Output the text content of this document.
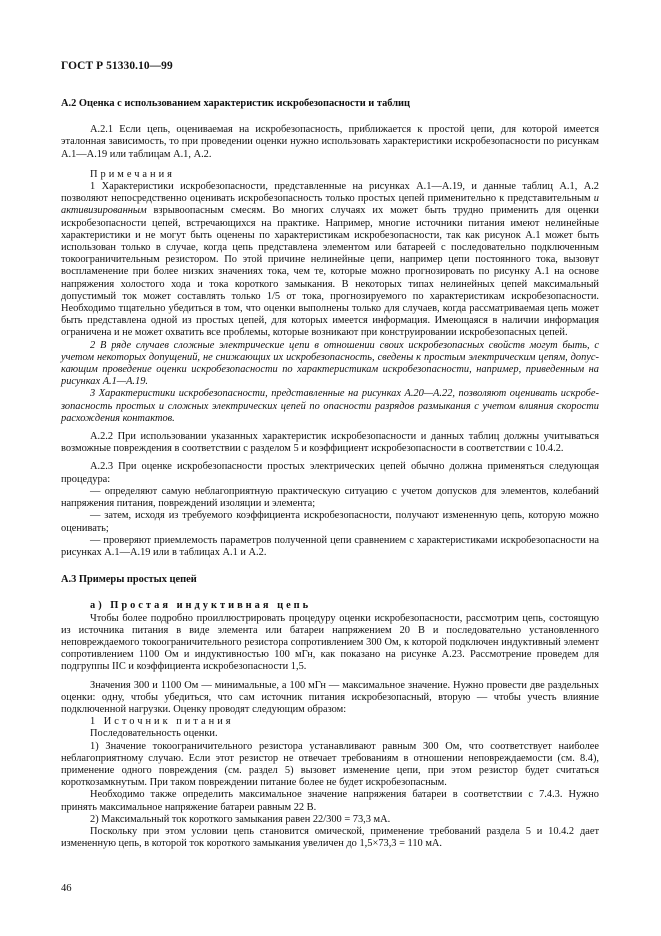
ГОСТ Р 51330.10—99
А.2 Оценка с использованием характеристик искробезопасности и таблиц

А.2.1 Если цепь, оцениваемая на искробезопасность, приближается к простой цепи, для которой имеется эталонная зависимость, то при проведении оценки нужно использовать характеристики искробезопасности по рисункам А.1—А.19 или таблицам А.1, А.2.

Примечания

1 Характеристики искробезопасности, представленные на рисунках А.1—А.19, и данные таблиц А.1, А.2 позволяют непосредственно оценивать искробезопасность только простых цепей применительно к представительным и активизированным взрывоопасным смесям. Во многих случаях их может быть трудно применить для оценки искробезопасности цепей, встречающихся на практике. Например, многие источники питания имеют нелинейные характеристики и не могут быть оценены по характеристикам искробезопасности, так как рисунок А.1 может быть использован только в случае, когда цепь представлена элементом или батареей с последовательно подключенным токоограничительным резистором. По этой причине нелинейные цепи, например цепи постоянного тока, вызовут воспламенение при более низких значениях тока, чем те, которые можно прогнозировать по рисунку А.1 на основе напряжения холостого хода и тока короткого замыкания. В некоторых типах нелинейных цепей максимальный допустимый ток может составлять только 1/5 от тока, прогнозируемого по характеристикам искробезопасности. Необходимо тщательно убедиться в том, что оценки выполнены только для случаев, когда рассматриваемая цепь может быть представлена одной из простых цепей, для которых имеется информация. Имеющаяся в наличии информация ограничена и не может охватить все проблемы, которые возникают при конструировании искробезопасных цепей.

2 В ряде случаев сложные электрические цепи в отношении своих искробезопасных свойств могут быть, с учетом некоторых допущений, не снижающих их искробезопасность, сведены к простым электрическим цепям, допускающим проведение оценки искробезопасности по характеристикам искробезопасности, например, приведенным на рисунках А.1—А.19.

3 Характеристики искробезопасности, представленные на рисунках А.20—А.22, позволяют оценивать искробезопасность простых и сложных электрических цепей по опасности разрядов размыкания с учетом влияния скорости расхождения контактов.

А.2.2 При использовании указанных характеристик искробезопасности и данных таблиц должны учитываться возможные повреждения в соответствии с разделом 5 и коэффициент искробезопасности в соответствии с 10.4.2.

А.2.3 При оценке искробезопасности простых электрических цепей обычно должна применяться следующая процедура:

— определяют самую неблагоприятную практическую ситуацию с учетом допусков для элементов, колебаний напряжения питания, повреждений изоляции и элемента;

— затем, исходя из требуемого коэффициента искробезопасности, получают измененную цепь, которую можно оценивать;

— проверяют приемлемость параметров полученной цепи сравнением с характеристиками искробезопасности на рисунках А.1—А.19 или в таблицах А.1 и А.2.

А.3 Примеры простых цепей

а) Простая индуктивная цепь

Чтобы более подробно проиллюстрировать процедуру оценки искробезопасности, рассмотрим цепь, состоящую из источника питания в виде элемента или батареи напряжением 20 В и последовательно установленного неповреждаемого токоограничительного резистора сопротивлением 300 Ом, к которой подключен индуктивный элемент сопротивлением 1100 Ом и индуктивностью 100 мГн, как показано на рисунке А.23. Рассмотрение проведем для подгруппы IIС и коэффициента искробезопасности 1,5.

Значения 300 и 1100 Ом — минимальные, а 100 мГн — максимальное значение. Нужно провести две раздельных оценки: одну, чтобы убедиться, что сам источник питания искробезопасный, вторую — чтобы учесть влияние подключенной нагрузки. Оценку проводят следующим образом:

1 Источник питания

Последовательность оценки.

1) Значение токоограничительного резистора устанавливают равным 300 Ом, что соответствует наиболее неблагоприятному случаю. Если этот резистор не отвечает требованиям в отношении неповреждаемости (см. 8.4), применение одного повреждения (см. раздел 5) вызовет изменение цепи, при этом резистор будет считаться короткозамкнутым. При таком повреждении питание более не будет искробезопасным.

Необходимо также определить максимальное значение напряжения батареи в соответствии с 7.4.3. Нужно принять максимальное напряжение батареи равным 22 В.

2) Максимальный ток короткого замыкания равен 22/300 = 73,3 мА.

Поскольку при этом условии цепь становится омической, применение требований раздела 5 и 10.4.2 дает измененную цепь, в которой ток короткого замыкания увеличен до 1,5×73,3 = 110 мА.

46
